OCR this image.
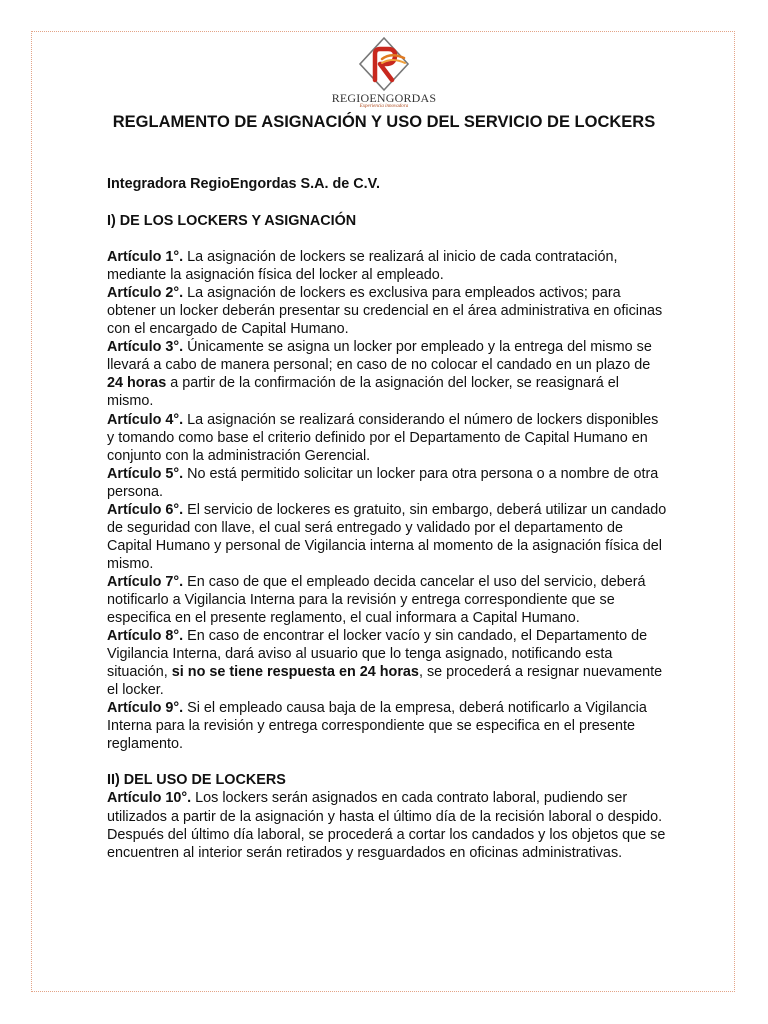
REGIOENGORDAS
Experiencia innovadora
REGLAMENTO DE ASIGNACIÓN Y USO DEL SERVICIO DE LOCKERS

Integradora RegioEngordas S.A. de C.V.

I) DE LOS LOCKERS Y ASIGNACIÓN

Artículo 1°. La asignación de lockers se realizará al inicio de cada contratación, mediante la asignación física del locker al empleado.

Artículo 2°. La asignación de lockers es exclusiva para empleados activos; para obtener un locker deberán presentar su credencial en el área administrativa en oficinas con el encargado de Capital Humano.

Artículo 3°. Únicamente se asigna un locker por empleado y la entrega del mismo se llevará a cabo de manera personal; en caso de no colocar el candado en un plazo de 24 horas a partir de la confirmación de la asignación del locker, se reasignará el mismo.

Artículo 4°. La asignación se realizará considerando el número de lockers disponibles y tomando como base el criterio definido por el Departamento de Capital Humano en conjunto con la administración Gerencial.

Artículo 5°. No está permitido solicitar un locker para otra persona o a nombre de otra persona.

Artículo 6°. El servicio de lockeres es gratuito, sin embargo, deberá utilizar un candado de seguridad con llave, el cual será entregado y validado por el departamento de Capital Humano y personal de Vigilancia interna al momento de la asignación física del mismo.

Artículo 7°. En caso de que el empleado decida cancelar el uso del servicio, deberá notificarlo a Vigilancia Interna para la revisión y entrega correspondiente que se especifica en el presente reglamento, el cual informara a Capital Humano.

Artículo 8°. En caso de encontrar el locker vacío y sin candado, el Departamento de Vigilancia Interna, dará aviso al usuario que lo tenga asignado, notificando esta situación, si no se tiene respuesta en 24 horas, se procederá a resignar nuevamente el locker.

Artículo 9°. Si el empleado causa baja de la empresa, deberá notificarlo a Vigilancia Interna para la revisión y entrega correspondiente que se especifica en el presente reglamento.

II) DEL USO DE LOCKERS

Artículo 10°. Los lockers serán asignados en cada contrato laboral, pudiendo ser utilizados a partir de la asignación y hasta el último día de la recisión laboral o despido.

Después del último día laboral, se procederá a cortar los candados y los objetos que se encuentren al interior serán retirados y resguardados en oficinas administrativas.
